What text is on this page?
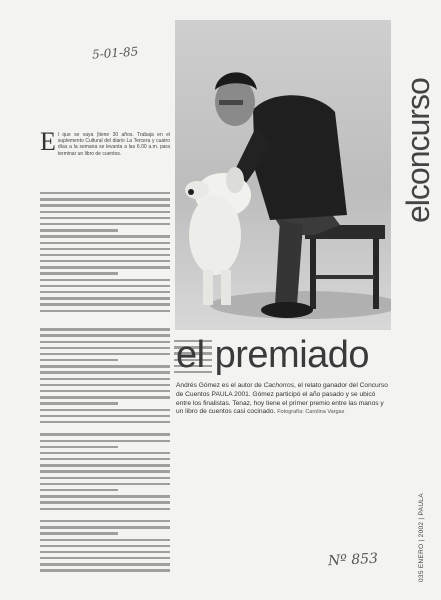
5-01-85
elconcurso
E l que se vaya (tiene 30 años. Trabaja en el suplemento Cultural del diario La Tercera y cuatro días a la semana se levanta a las 6.00 a.m. para terminar un libro de cuentos.
el premiado
Andrés Gómez es el autor de Cachorros, el relato ganador del Concurso de Cuentos PAULA 2001. Gómez participó el año pasado y se ubicó entre los finalistas. Tenaz, hoy tiene el primer premio entre las manos y un libro de cuentos casi cocinado. Fotografía: Carolina Vargas
035 ENERO | 2002 | PAULA
Nº 853
